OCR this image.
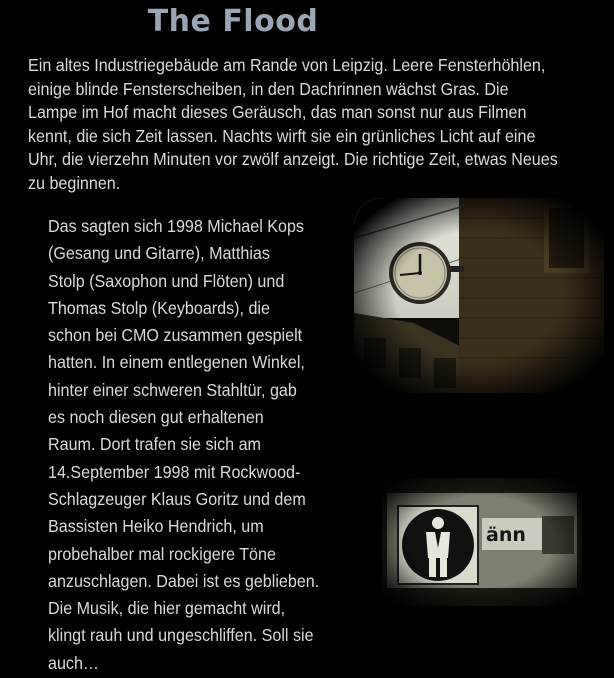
The Flood
Ein altes Industriegebäude am Rande von Leipzig. Leere Fensterhöhlen, einige blinde Fensterscheiben, in den Dachrinnen wächst Gras. Die Lampe im Hof macht dieses Geräusch, das man sonst nur aus Filmen kennt, die sich Zeit lassen. Nachts wirft sie ein grünliches Licht auf eine Uhr, die vierzehn Minuten vor zwölf anzeigt. Die richtige Zeit, etwas Neues zu beginnen.
Das sagten sich 1998 Michael Kops
(Gesang und Gitarre), Matthias
Stolp (Saxophon und Flöten) und
Thomas Stolp (Keyboards), die
schon bei CMO zusammen gespielt
hatten. In einem entlegenen Winkel,
hinter einer schweren Stahltür, gab
es noch diesen gut erhaltenen
Raum. Dort trafen sie sich am
14.September 1998 mit Rockwood-
Schlagzeuger Klaus Goritz und dem
Bassisten Heiko Hendrich, um
probehalber mal rockigere Töne
anzuschlagen. Dabei ist es geblieben.
Die Musik, die hier gemacht wird,
klingt rauh und ungeschliffen. Soll sie
auch…
